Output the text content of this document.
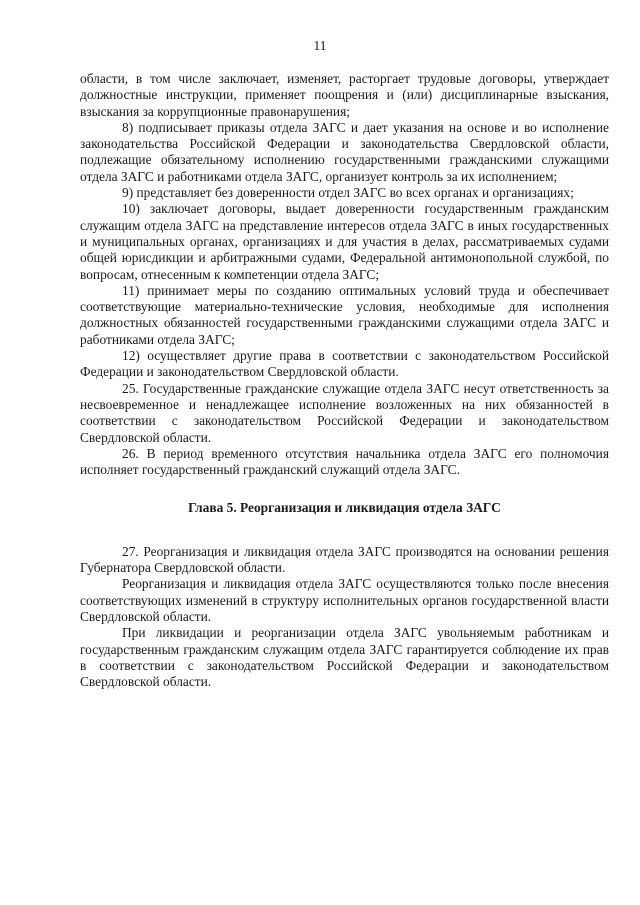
11

области, в том числе заключает, изменяет, расторгает трудовые договоры, утверждает должностные инструкции, применяет поощрения и (или) дисциплинарные взыскания, взыскания за коррупционные правонарушения;

8) подписывает приказы отдела ЗАГС и дает указания на основе и во исполнение законодательства Российской Федерации и законодательства Свердловской области, подлежащие обязательному исполнению государственными гражданскими служащими отдела ЗАГС и работниками отдела ЗАГС, организует контроль за их исполнением;

9) представляет без доверенности отдел ЗАГС во всех органах и организациях;

10) заключает договоры, выдает доверенности государственным гражданским служащим отдела ЗАГС на представление интересов отдела ЗАГС в иных государственных и муниципальных органах, организациях и для участия в делах, рассматриваемых судами общей юрисдикции и арбитражными судами, Федеральной антимонопольной службой, по вопросам, отнесенным к компетенции отдела ЗАГС;

11) принимает меры по созданию оптимальных условий труда и обеспечивает соответствующие материально-технические условия, необходимые для исполнения должностных обязанностей государственными гражданскими служащими отдела ЗАГС и работниками отдела ЗАГС;

12) осуществляет другие права в соответствии с законодательством Российской Федерации и законодательством Свердловской области.

25. Государственные гражданские служащие отдела ЗАГС несут ответственность за несвоевременное и ненадлежащее исполнение возложенных на них обязанностей в соответствии с законодательством Российской Федерации и законодательством Свердловской области.

26. В период временного отсутствия начальника отдела ЗАГС его полномочия исполняет государственный гражданский служащий отдела ЗАГС.

Глава 5. Реорганизация и ликвидация отдела ЗАГС

27. Реорганизация и ликвидация отдела ЗАГС производятся на основании решения Губернатора Свердловской области.

Реорганизация и ликвидация отдела ЗАГС осуществляются только после внесения соответствующих изменений в структуру исполнительных органов государственной власти Свердловской области.

При ликвидации и реорганизации отдела ЗАГС увольняемым работникам и государственным гражданским служащим отдела ЗАГС гарантируется соблюдение их прав в соответствии с законодательством Российской Федерации и законодательством Свердловской области.
